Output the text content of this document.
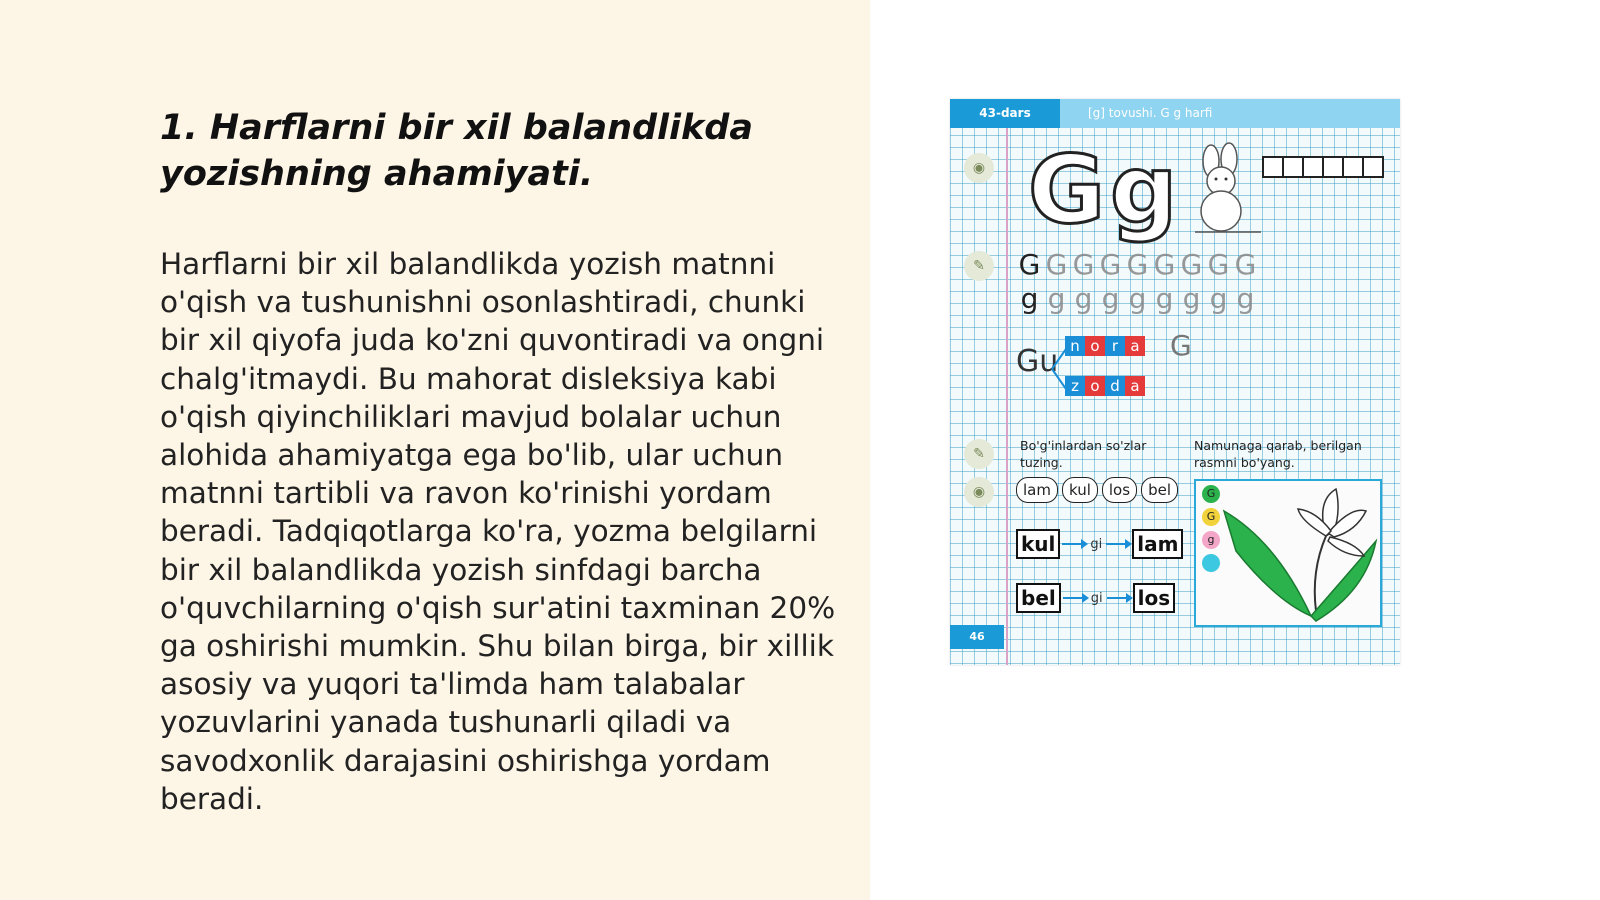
1. Harflarni bir xil balandlikda yozishning ahamiyati.

Harflarni bir xil balandlikda yozish matnni o'qish va tushunishni osonlashtiradi, chunki bir xil qiyofa juda ko'zni quvontiradi va ongni chalg'itmaydi. Bu mahorat disleksiya kabi o'qish qiyinchiliklari mavjud bolalar uchun alohida ahamiyatga ega bo'lib, ular uchun matnni tartibli va ravon ko'rinishi yordam beradi. Tadqiqotlarga ko'ra, yozma belgilarni bir xil balandlikda yozish sinfdagi barcha o'quvchilarning o'qish sur'atini taxminan 20% ga oshirishi mumkin. Shu bilan birga, bir xillik asosiy va yuqori ta'limda ham talabalar yozuvlarini yanada tushunarli qiladi va savodxonlik darajasini oshirishga yordam beradi.

43-dars	[g] tovushi. G g harfi
◉
✎
✎
◉
G g
G G G G G G G G G
g g g g g g g g g
Gu n o r a
z o d a
G
Bo'g'inlardan so'zlar tuzing.
Namunaga qarab, berilgan rasmni bo'yang.
lam	kul	los	bel
kul	gi lam
bel	gi los
G
G
g
46
